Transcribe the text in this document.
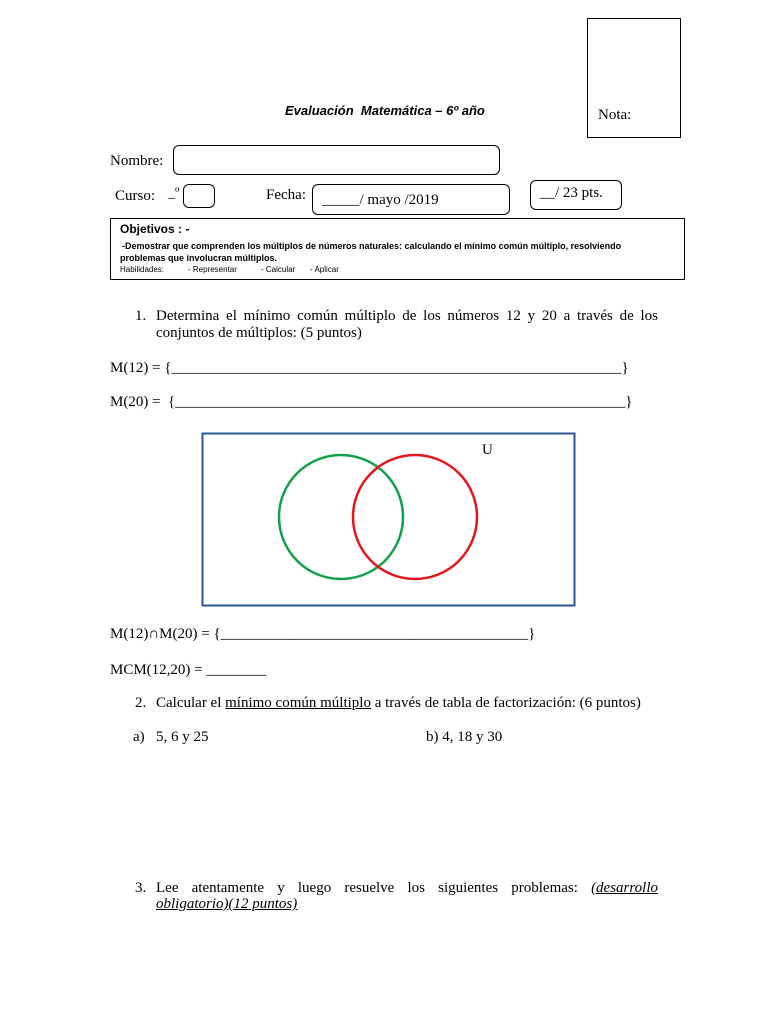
Nota:
Evaluación  Matemática – 6º año
Nombre:
Curso: _º	Fecha: _____/ mayo /2019	__/ 23 pts.
Objetivos : -
-Demostrar que comprenden los múltiplos de números naturales: calculando el mínimo común múltiplo, resolviendo
problemas que involucran múltiplos.
Habilidades:	- Representar	- Calcular - Aplicar
1. Determina el mínimo común múltiplo de los números 12 y 20 a través de los
conjuntos de múltiplos: (5 puntos)
M(12) = {____________________________________________________________}
M(20) =  {____________________________________________________________}
U
M(12)∩M(20) = {_________________________________________}
MCM(12,20) = ________
2. Calcular el mínimo común múltiplo a través de tabla de factorización: (6 puntos)
a) 5, 6 y 25	b) 4, 18 y 30
3. Lee atentamente y luego resuelve los siguientes problemas: (desarrollo
obligatorio)(12 puntos)
